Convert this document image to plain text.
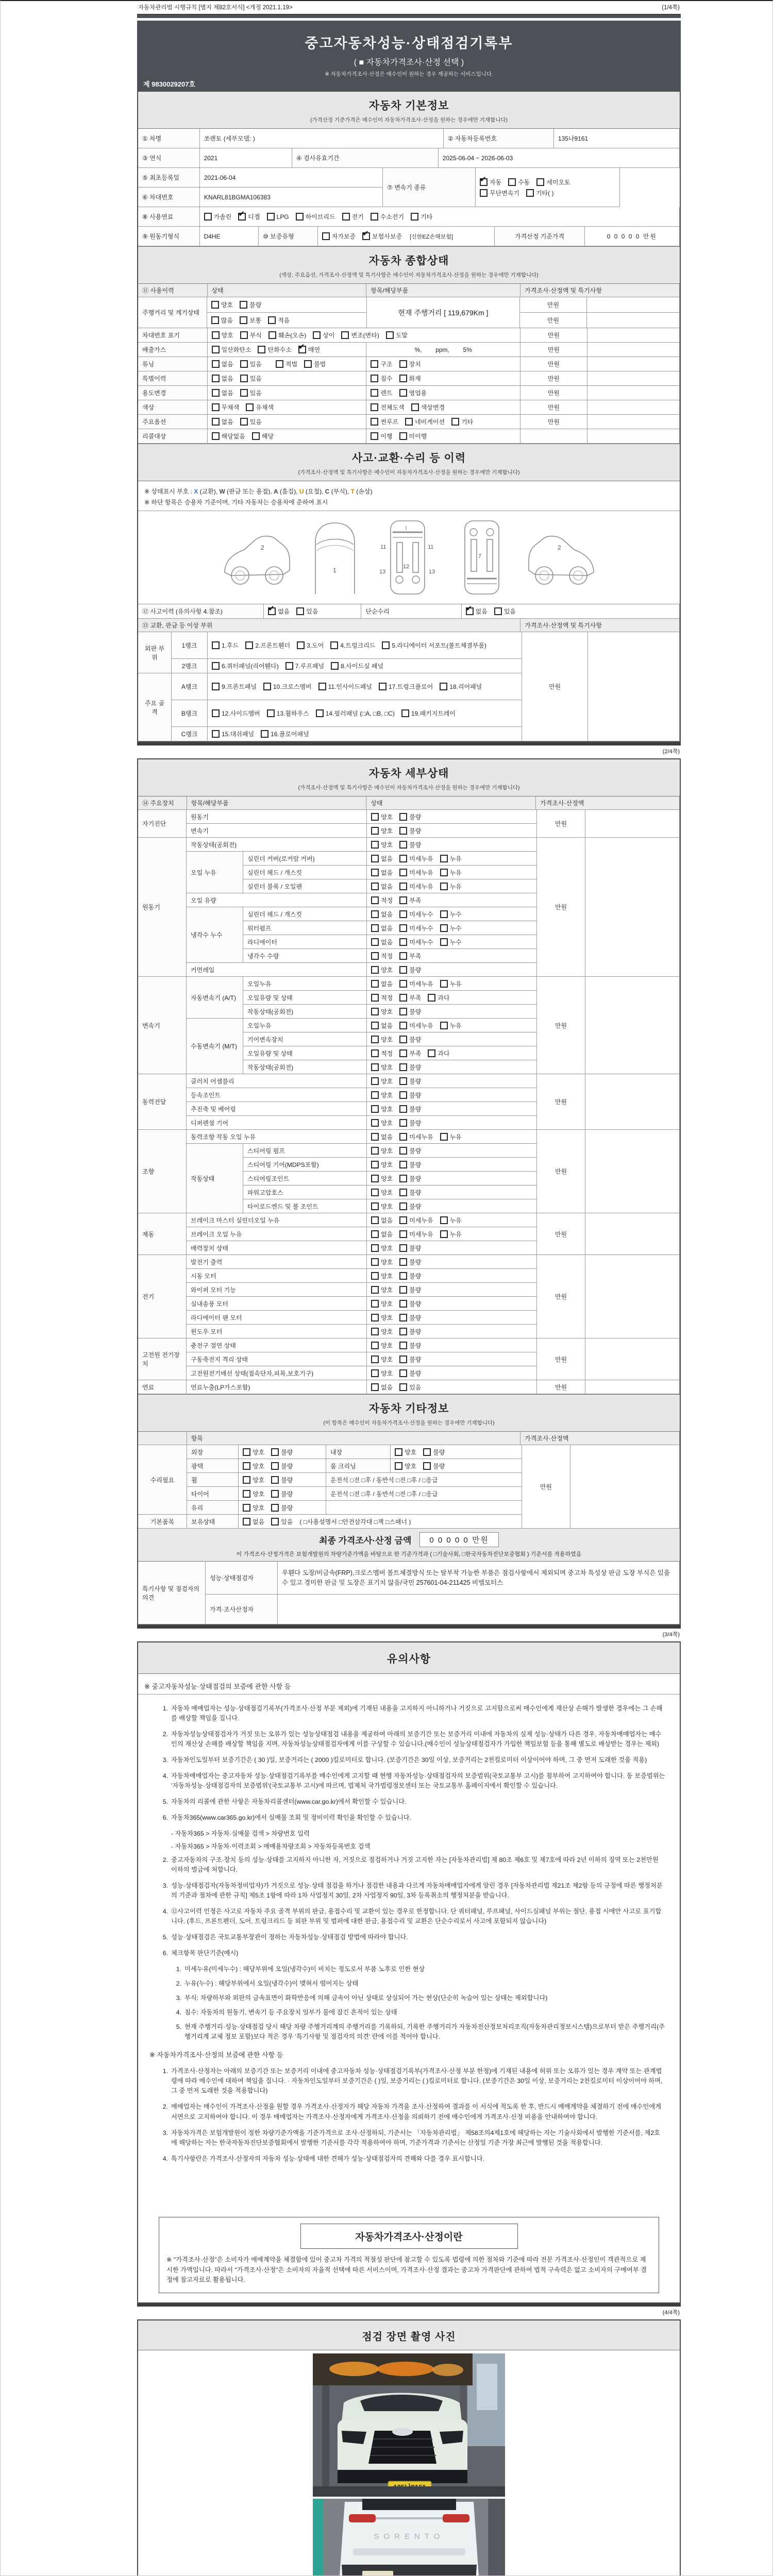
자동차관리법 시행규칙 [별지 제82호서식] <개정 2021.1.19>	(1/4쪽)
중고자동차성능·상태점검기록부
( ■ 자동차가격조사·산정 선택 )
※ 자동차가격조사·산정은 매수인이 원하는 경우 제공하는 서비스입니다.
제 9830029207호
자동차 기본정보
(가격산정 기준가격은 매수인이 자동차가격조사·산정을 원하는 경우에만 기재합니다)
① 차명	쏘렌토 (세부모델: )	② 자동차등록번호	135나9161
③ 연식	2021	④ 검사유효기간	2025-06-04 ~ 2026-06-03
⑤ 최초등록일	2021-06-04
⑥ 차대번호	KNARL81BGMA106383
⑦ 변속기 종류
✔ 자동	수동	세미오토
무단변속기	기타( )
⑧ 사용연료	가솔린 ✔ 디젤	LPG	하이브리드	전기	수소전기	기타
⑨ 원동기형식	D4HE	⑩ 보증유형	자가보증 ✔ 보험사보증 [신한EZ손해보험]	가격산정 기준가격	0 0 0 0 0 만원
자동차 종합상태
(색상, 주요옵션, 가격조사·산정액 및 특기사항은 매수인이 자동차가격조사·산정을 원하는 경우에만 기재합니다)
⑪ 사용이력	상태	항목/해당부품	가격조사·산정액 및 특기사항
주행거리 및 계기상태
양호	불량
많음	보통	적음
현재 주행거리 [ 119,679Km ]
만원
만원
차대번호 표기	양호	부식	훼손(오손)	상이	변조(변타)	도말	만원
배출가스	일산화탄소	탄화수소 ✔ 매연	%,        ppm,        5%	만원
튜닝	없음	있음	적법	불법	구조	장치	만원
특별이력	없음	있음	침수	화재	만원
용도변경	없음	있음	렌트	영업용	만원
색상	무채색	유채색	전체도색	색상변경	만원
주요옵션	없음	있음	썬루프	네비게이션	기타	만원
리콜대상	해당없음	해당	이행	미이행
사고·교환·수리 등 이력
(가격조사·산정액 및 특기사항은 매수인이 자동차가격조사·산정을 원하는 경우에만 기재합니다)
※ 상태표시 부호 : X (교환), W (판금 또는 용접), A (흠집), U (요철), C (부식), T (손상)
※ 하단 항목은 승용차 기준이며, 기타 자동차는 승용차에 준하여 표시
2
1
11	11
13	13
12
7
2
⑫ 사고이력 (유의사항 4.참조)	✔ 없음	있음	단순수리	✔ 없음	있음
⑬ 교환, 판금 등 이상 부위	가격조사·산정액 및 특기사항
외판 부위
1랭크	1.후드	2.프론트휀더	3.도어	4.트렁크리드	5.라디에이터 서포트(볼트체결부품)
2랭크	6.쿼터패널(리어휀다)	7.루프패널	8.사이드실 패널
주요 골격
A랭크	9.프론트패널	10.크로스멤버	11.인사이드패널	17.트렁크플로어	18.리어패널
B랭크	12.사이드멤버	13.휠하우스	14.필러패널 (□A, □B, □C)	19.패키지트레이
C랭크	15.대쉬패널	16.플로어패널
만원
(2/4쪽)
자동차 세부상태
(가격조사·산정액 및 특기사항은 매수인이 자동차가격조사·산정을 원하는 경우에만 기재합니다)
⑭ 주요장치	항목/해당부품	상태	가격조사·산정액
자기진단
원동기	양호	불량
변속기	양호	불량
만원
원동기
작동상태(공회전)	양호	불량
오일 누유
실린더 커버(로커암 커버)	없음	미세누유	누유
실린더 헤드 / 개스킷	없음	미세누유	누유
실린더 블록 / 오일팬	없음	미세누유	누유
오일 유량	적정	부족
냉각수 누수
실린더 헤드 / 개스킷	없음	미세누수	누수
워터펌프	없음	미세누수	누수
라디에이터	없음	미세누수	누수
냉각수 수량	적정	부족
커먼레일	양호	불량
만원
변속기
자동변속기 (A/T)
오일누유	없음	미세누유	누유
오일유량 및 상태	적정	부족	과다
작동상태(공회전)	양호	불량
수동변속기 (M/T)
오일누유	없음	미세누유	누유
기어변속장치	양호	불량
오일유량 및 상태	적정	부족	과다
작동상태(공회전)	양호	불량
만원
동력전달
클러치 어셈블리	양호	불량
등속조인트	양호	불량
추진축 및 베어링	양호	불량
디퍼렌셜 기어	양호	불량
만원
조향
동력조향 작동 오일 누유	없음	미세누유	누유
작동상태
스티어링 펌프	양호	불량
스티어링 기어(MDPS포함)	양호	불량
스티어링조인트	양호	불량
파워고압호스	양호	불량
타이로드엔드 및 볼 조인트	양호	불량
만원
제동
브레이크 마스터 실린더오일 누유	없음	미세누유	누유
브레이크 오일 누유	없음	미세누유	누유
배력장치 상태	양호	불량
만원
전기
발전기 출력	양호	불량
시동 모터	양호	불량
와이퍼 모터 기능	양호	불량
실내송풍 모터	양호	불량
라디에이터 팬 모터	양호	불량
윈도우 모터	양호	불량
만원
고전원 전기장치
충전구 절연 상태	양호	불량
구동축전지 격리 상태	양호	불량
고전원전기배선 상태(접속단자,피복,보호기구)	양호	불량
만원
연료	연료누출(LP가스포함)	없음	있음	만원
자동차 기타정보
(이 항목은 매수인이 자동차가격조사·산정을 원하는 경우에만 기재합니다)
항목	가격조사·산정액
수리필요
외장	양호	불량	내장	양호	불량
광택	양호	불량	룸 크리닝	양호	불량
휠	양호	불량	운전석 □전 □후 / 동반석 □전 □후 / □응급
타이어	양호	불량	운전석 □전 □후 / 동반석 □전 □후 / □응급
유리	양호	불량
기본품목	보유상태	없음	있음 ( □사용설명서 □안전삼각대 □잭 □스패너 )
만원
최종 가격조사·산정 금액	0 0 0 0 0 만원
이 가격조사·산정가격은 보험개발원의 차량기준가액을 바탕으로 한 기준가격과 ( □기술사회, □한국자동차진단보증협회 ) 기준서를 적용하였음
특기사항 및 점검자의 의견
성능·상태점검자
우휀다 도장/비금속(FRP),크로스멤버 볼트체결방식 또는 탈부착 가능한 부품은 점검사항에서 제외되며 중고차 특성상 판금 도장 부식은 있을 수 있고 경미한 판금 및 도장은 표기치 않음/국민 257601-04-211425 비엠모터스
가격·조사산정자
(3/4쪽)
유의사항
※ 중고자동차성능·상태점검의 보증에 관한 사항 등
1. 자동차 매매업자는 성능·상태점검기록부(가격조사·산정 부분 제외)에 기재된 내용을 고지하지 아니하거나 거짓으로 고지함으로써 매수인에게 재산상 손해가 발생한 경우에는 그 손해를 배상할 책임을 집니다.
2. 자동차성능상태점검자가 거짓 또는 오류가 있는 성능상태점검 내용을 제공하여 아래의 보증기간 또는 보증거리 이내에 자동차의 실제 성능·상태가 다른 경우, 자동차매매업자는 매수인의 재산상 손해를 배상할 책임을 지며, 자동차성능상태점검자에게 이를 구상할 수 있습니다.(매수인이 성능상태점검자가 가입한 책임보험 등을 통해 별도로 배상받는 경우는 제외)
3. 자동차인도일부터 보증기간은 ( 30 )일, 보증거리는 ( 2000 )킬로미터로 합니다. (보증기간은 30일 이상, 보증거리는 2천킬로미터 이상이어야 하며, 그 중 먼저 도래한 것을 적용)
4. 자동차매매업자는 중고자동차 성능·상태점검기록부를 매수인에게 고지할 때 현행 자동차성능·상태점검자의 보증범위(국토교통부 고시)를 첨부하여 고지하여야 합니다. 동 보증범위는 '자동차성능·상태점검자의 보증범위'(국토교통부 고시)에 따르며, 법제처 국가법령정보센터 또는 국토교통부 홈페이지에서 확인할 수 있습니다.
5. 자동차의 리콜에 관한 사항은 자동차리콜센터(www.car.go.kr)에서 확인할 수 있습니다.
6. 자동차365(www.car365.go.kr)에서 실매물 조회 및 정비이력 확인을 확인할 수 있습니다.
- 자동차365 > 자동차·실매물 검색 > 차량번호 입력
- 자동차365 > 자동차·이력조회 > 매매용차량조회 > 자동차등록번호 검색
2. 중고자동차의 구조·장치 등의 성능·상태를 고지하지 아니한 자, 거짓으로 점검하거나 거짓 고지한 자는 [자동차관리법] 제 80조 제6호 및 제7호에 따라 2년 이하의 징역 또는 2천만원 이하의 벌금에 처합니다.
3. 성능·상태점검자(자동차정비업자)가 거짓으로 성능·상태 점검을 하거나 점검한 내용과 다르게 자동차매매업자에게 알린 경우 [자동차관리법 제21조 제2항 등의 규정에 따른 행정처분의 기준과 절차에 관한 규칙] 제5조 1항에 따라 1차 사업정지 30일, 2차 사업정지 90일, 3차 등록취소의 행정처분을 받습니다.
4. ⑫사고이력 인정은 사고로 자동차 주요 골격 부위의 판금, 용접수리 및 교환이 있는 경우로 한정합니다. 단 쿼터패널, 루프패널, 사이드실패널 부위는 절단, 용접 시에만 사고로 표기합니다. (후드, 프론트펜더, 도어, 트렁크리드 등 외판 부위 및 범퍼에 대한 판금, 용접수리 및 교환은 단순수리로서 사고에 포함되지 않습니다)
5. 성능·상태점검은 국토교통부장관이 정하는 자동차성능·상태점검 방법에 따라야 합니다.
6. 체크항목 판단기준(예시)
1. 미세누유(미세누수) : 해당부위에 오일(냉각수)이 비치는 정도로서 부품 노후로 인한 현상
2. 누유(누수) : 해당부위에서 오일(냉각수)이 맺혀서 떨어지는 상태
3. 부식: 차량하부와 외판의 금속표면이 화학반응에 의해 금속이 아닌 상태로 상실되어 가는 현상(단순히 녹슬어 있는 상태는 제외합니다)
4. 침수: 자동차의 원동기, 변속기 등 주요장치 일부가 물에 잠긴 흔적이 있는 상태
5. 현재 주행거리·성능·상태점검 당시 해당 차량 주행거리계의 주행거리를 기록하되, 기록한 주행거리가 자동차전산정보처리조직(자동차관리정보시스템)으로부터 받은 주행거리(주행거리계 교체 정보 포함)보다 적은 경우 '특기사항 및 점검자의 의견' 란에 이를 적어야 합니다.
※ 자동차가격조사·산정의 보증에 관한 사항 등
1. 가격조사·산정자는 아래의 보증기간 또는 보증거리 이내에 중고자동차 성능·상태점검기록부(가격조사·산정 부분 한정)에 기재된 내용에 허위 또는 오류가 있는 경우 계약 또는 관계법령에 따라 매수인에 대하여 책임을 집니다. · 자동차인도일부터 보증기간은 ( )일, 보증거리는 ( )킬로미터로 합니다. (보증기간은 30일 이상, 보증거리는 2천킬로미터 이상이어야 하며, 그 중 먼저 도래한 것을 적용합니다)
2. 매매업자는 매수인이 가격조사·산정을 원할 경우 가격조사·산정자가 해당 자동차 가격을 조사·산정하여 결과를 이 서식에 적도록 한 후, 반드시 매매계약을 체결하기 전에 매수인에게 서면으로 고지하여야 합니다. 이 경우 매매업자는 가격조사·산정자에게 가격조사·산정을 의뢰하기 전에 매수인에게 가격조사·산정 비용을 안내하여야 합니다.
3. 자동차가격은 보험개발원이 정한 차량기준가액을 기준가격으로 조사·산정하되, 기준서는 「자동차관리법」 제58조의4제1호에 해당하는 자는 기술사회에서 발행한 기준서를, 제2호에 해당하는 자는 한국자동차진단보증협회에서 발행한 기준서를 각각 적용하여야 하며, 기준가격과 기준서는 산정일 기준 가장 최근에 발행된 것을 적용합니다.
4. 특기사항란은 가격조사·산정자의 자동차 성능·상태에 대한 견해가 성능·상태점검자의 견해와 다를 경우 표시합니다.
자동차가격조사·산정이란
※ "가격조사·산정"은 소비자가 매매계약을 체결함에 있어 중고차 가격의 적절성 판단에 참고할 수 있도록 법령에 의한 절차와 기준에 따라 전문 가격조사·산정인이 객관적으로 제시한 가액입니다. 따라서 "가격조사·산정"은 소비자의 자율적 선택에 따른 서비스이며, 가격조사·산정 결과는 중고차 가격판단에 관하여 법적 구속력은 없고 소비자의 구매여부 결정에 참고자료로 활용됩니다.
(4/4쪽)
점검 장면 촬영 사진
SORENTO
